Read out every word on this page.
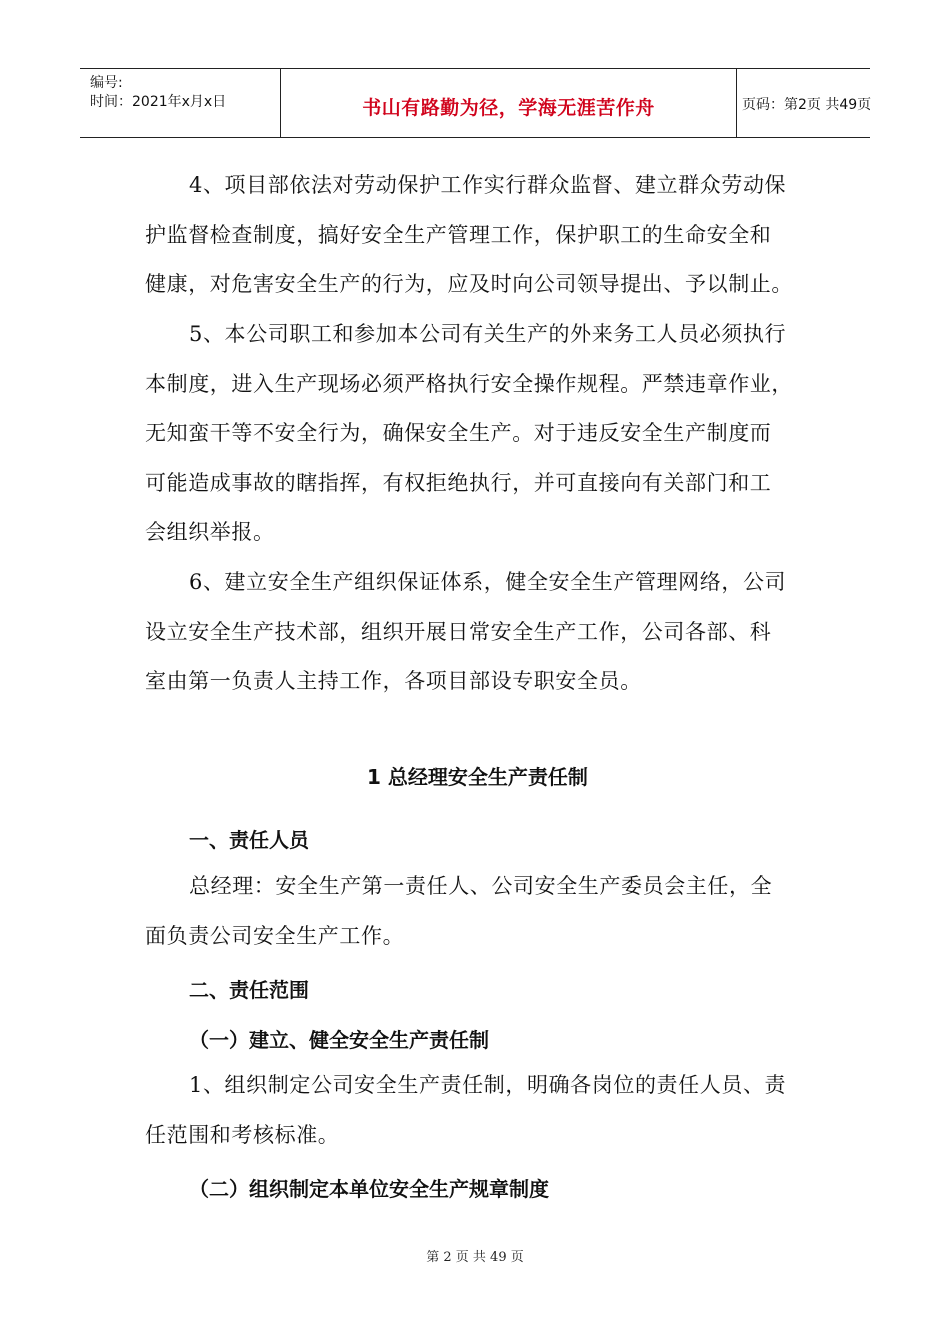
编号:
时间：2021年x月x日	书山有路勤为径，学海无涯苦作舟	页码：第2页 共49页
4、项目部依法对劳动保护工作实行群众监督、建立群众劳动保
护监督检查制度，搞好安全生产管理工作，保护职工的生命安全和
健康，对危害安全生产的行为，应及时向公司领导提出、予以制止。
5、本公司职工和参加本公司有关生产的外来务工人员必须执行
本制度，进入生产现场必须严格执行安全操作规程。严禁违章作业，
无知蛮干等不安全行为，确保安全生产。对于违反安全生产制度而
可能造成事故的瞎指挥，有权拒绝执行，并可直接向有关部门和工
会组织举报。
6、建立安全生产组织保证体系，健全安全生产管理网络，公司
设立安全生产技术部，组织开展日常安全生产工作，公司各部、科
室由第一负责人主持工作，各项目部设专职安全员。
1 总经理安全生产责任制
一、责任人员
总经理：安全生产第一责任人、公司安全生产委员会主任，全
面负责公司安全生产工作。
二、责任范围
（一）建立、健全安全生产责任制
1、组织制定公司安全生产责任制，明确各岗位的责任人员、责
任范围和考核标准。
（二）组织制定本单位安全生产规章制度
第 2 页 共 49 页
